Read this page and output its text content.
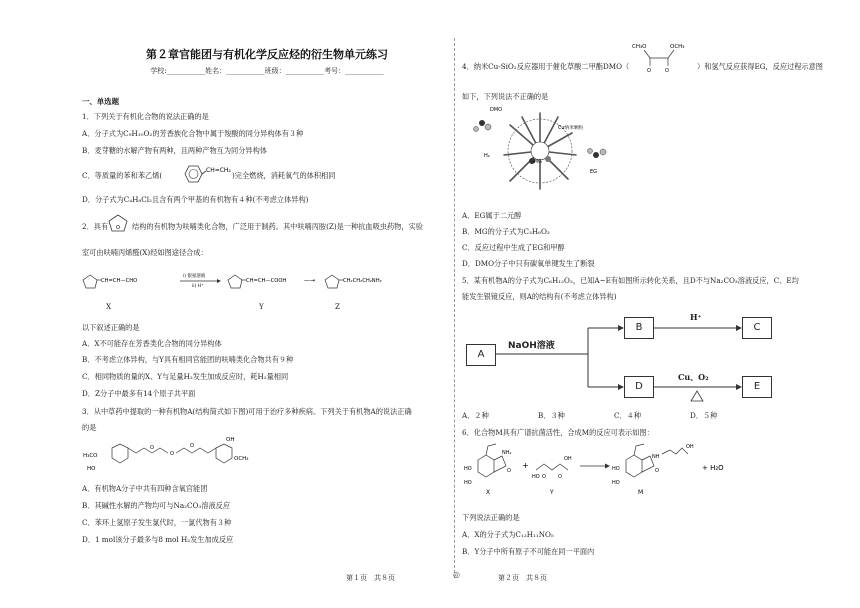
第２章官能团与有机化学反应烃的衍生物单元练习
学校:___________姓名：___________班级：___________考号：___________
一、单选题
1．下列关于有机化合物的说法正确的是
A．分子式为C₉H₁₀O₂的芳香族化合物中属于羧酸的同分异构体有３种
B．麦芽糖的水解产物有两种，且两种产物互为同分异构体
C．等质量的苯和苯乙烯(
CH=CH₂
)完全燃烧，消耗氧气的体积相同
D．分子式为C₄H₈Cl₂且含有两个甲基的有机物有４种(不考虑立体异构)
2．具有 O 结构的有机物为呋喃类化合物，广泛用于制药。其中呋喃丙胺(Z)是一种抗血吸虫药物，实验
室可由呋喃丙烯醛(X)经如图途径合成：
CH=CH—CHO
i) 银氨溶液
ii) H⁺
CH=CH—COOH	—→	CH₂CH₂CH₂NH₂
X	Y	Z
以下叙述正确的是
A．X不可能存在芳香类化合物的同分异构体
B．不考虑立体异构，与Y具有相同官能团的呋喃类化合物共有９种
C．相同物质的量的X、Y与足量H₂发生加成反应时，耗H₂量相同
D．Z分子中最多有14个原子共平面
3．从中草药中提取的一种有机物A(结构简式如下图)可用于治疗多种疾病。下列关于有机物A的说法正确
的是
H₃CO
HO
O
O
O
OH
OCH₃
A．有机物A分子中共有四种含氧官能团
B．其碱性水解的产物均可与Na₂CO₃溶液反应
C．苯环上氢原子发生氯代时，一氯代物有３种
D．1 mol该分子最多与8 mol H₂发生加成反应
第１页　共８页
CH₃O	OCH₃
O	O
4．纳米Cu-SiO₂反应器用于催化草酸二甲酯DMO（	）和氢气反应获得EG，反应过程示意图
如下，下列说法不正确的是
DMO
Cu纳米颗粒
MG
EG
H₂
A．EG属于二元醇
B．MG的分子式为C₃H₆O₃
C．反应过程中生成了EG和甲醇
D．DMO分子中只有碳氧单键发生了断裂
5．某有机物A的分子式为C₆H₁₂O₂，已知A~E有如图所示转化关系，且D不与Na₂CO₃溶液反应，C、E均
能发生银镜反应，则A的结构有(不考虑立体异构)
A
B	C
D	E
NaOH溶液
H⁺
Cu、O₂
A．２种	B．３种	C．４种	D．５种
6．化合物M具有广谱抗菌活性，合成M的反应可表示如图：
HO
HO
NH₂
O
X
+
HO
OH
O O
Y
HO
HO
NH
OH
O
M
+ H₂O
下列说法正确的是
A．X的分子式为C₁₂H₁₁NO₅
B．Y分子中所有原子不可能在同一平面内
第２页　共８页
◎
